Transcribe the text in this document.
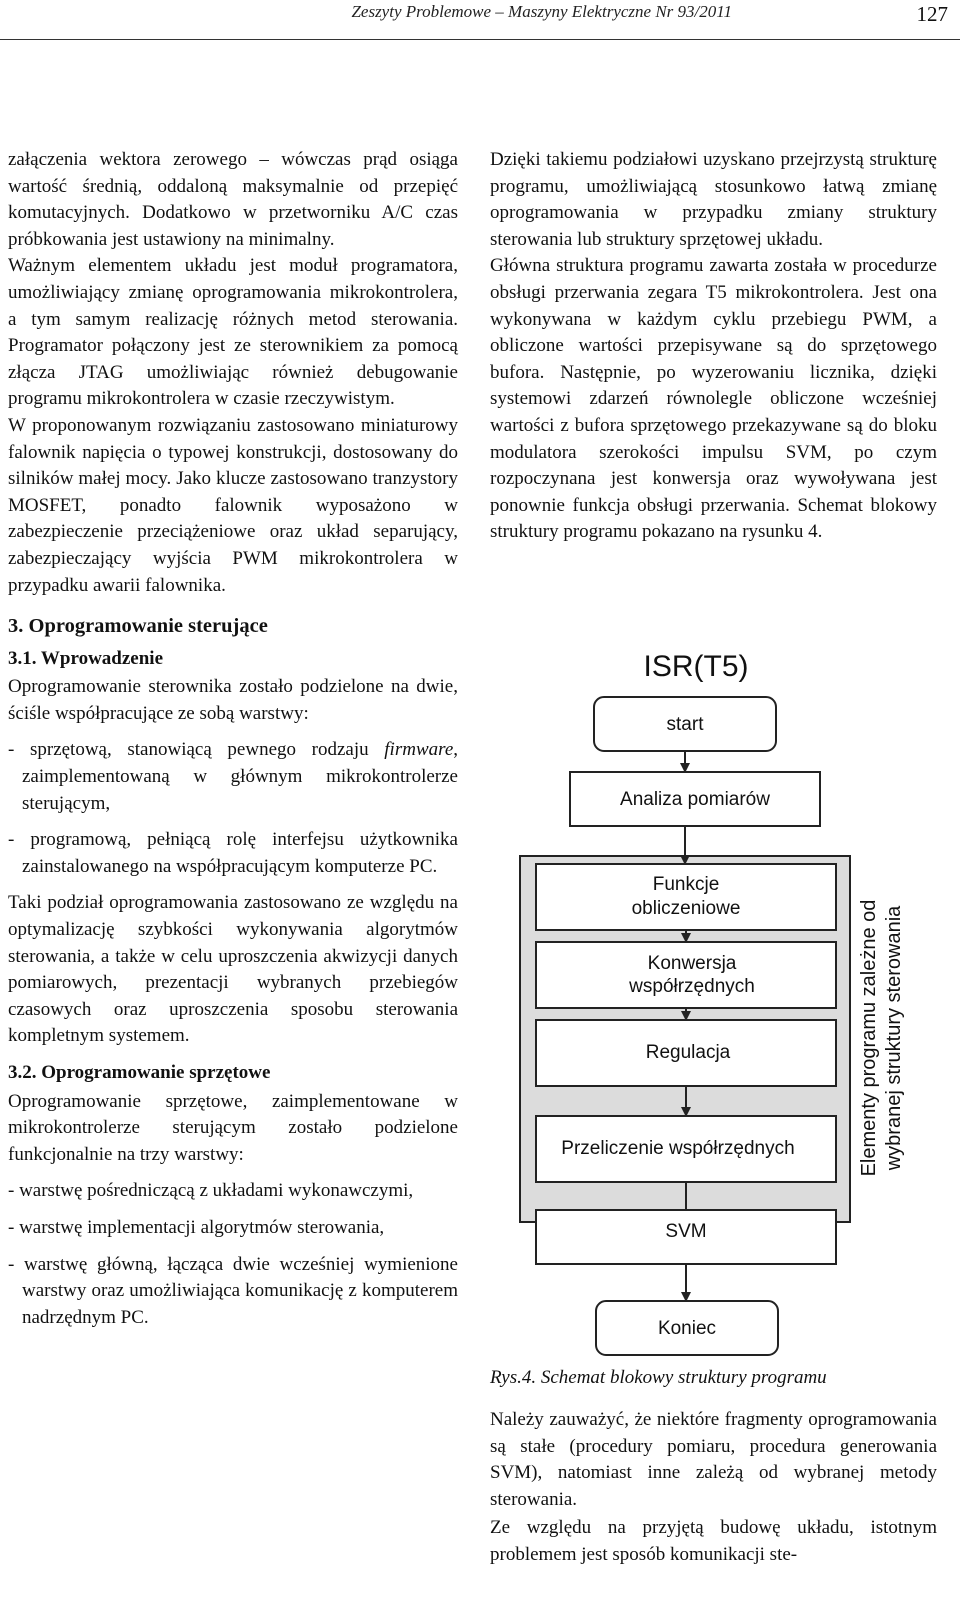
Zeszyty Problemowe – Maszyny Elektryczne Nr 93/2011	127

załączenia wektora zerowego – wówczas prąd osiąga wartość średnią, oddaloną maksymalnie od przepięć komutacyjnych. Dodatkowo w przetworniku A/C czas próbkowania jest ustawiony na minimalny.

Ważnym elementem układu jest moduł programatora, umożliwiający zmianę oprogramowania mikrokontrolera, a tym samym realizację różnych metod sterowania. Programator połączony jest ze sterownikiem za pomocą złącza JTAG umożliwiając również debugowanie programu mikrokontrolera w czasie rzeczywistym.

W proponowanym rozwiązaniu zastosowano miniaturowy falownik napięcia o typowej konstrukcji, dostosowany do silników małej mocy. Jako klucze zastosowano tranzystory MOSFET, ponadto falownik wyposażono w zabezpieczenie przeciążeniowe oraz układ separujący, zabezpieczający wyjścia PWM mikrokontrolera w przypadku awarii falownika.

3. Oprogramowanie sterujące
3.1. Wprowadzenie

Oprogramowanie sterownika zostało podzielone na dwie, ściśle współpracujące ze sobą warstwy:

- sprzętową, stanowiącą pewnego rodzaju firmware, zaimplementowaną w głównym mikrokontrolerze sterującym,
- programową, pełniącą rolę interfejsu użytkownika zainstalowanego na współpracującym komputerze PC.

Taki podział oprogramowania zastosowano ze względu na optymalizację szybkości wykonywania algorytmów sterowania, a także w celu uproszczenia akwizycji danych pomiarowych, prezentacji wybranych przebiegów czasowych oraz uproszczenia sposobu sterowania kompletnym systemem.

3.2. Oprogramowanie sprzętowe

Oprogramowanie sprzętowe, zaimplementowane w mikrokontrolerze sterującym zostało podzielone funkcjonalnie na trzy warstwy:

- warstwę pośredniczącą z układami wykonawczymi,
- warstwę implementacji algorytmów sterowania,
- warstwę główną, łącząca dwie wcześniej wymienione warstwy oraz umożliwiająca komunikację z komputerem nadrzędnym PC.

Dzięki takiemu podziałowi uzyskano przejrzystą strukturę programu, umożliwiającą stosunkowo łatwą zmianę oprogramowania w przypadku zmiany struktury sterowania lub struktury sprzętowej układu.

Główna struktura programu zawarta została w procedurze obsługi przerwania zegara T5 mikrokontrolera. Jest ona wykonywana w każdym cyklu przebiegu PWM, a obliczone wartości przepisywane są do sprzętowego bufora. Następnie, po wyzerowaniu licznika, dzięki systemowi zdarzeń równolegle obliczone wcześniej wartości z bufora sprzętowego przekazywane są do bloku modulatora szerokości impulsu SVM, po czym rozpoczynana jest konwersja oraz wywoływana jest ponownie funkcja obsługi przerwania. Schemat blokowy struktury programu pokazano na rysunku 4.

ISR(T5)
start
Analiza pomiarów
Funkcje
obliczeniowe
Konwersja
współrzędnych
Regulacja
Przeliczenie współrzędnych
SVM
Koniec
Elementy programu zależne od wybranej struktury sterowania
Rys.4. Schemat blokowy struktury programu

Należy zauważyć, że niektóre fragmenty oprogramowania są stałe (procedury pomiaru, procedura generowania SVM), natomiast inne zależą od wybranej metody sterowania.

Ze względu na przyjętą budowę układu, istotnym problemem jest sposób komunikacji ste-
